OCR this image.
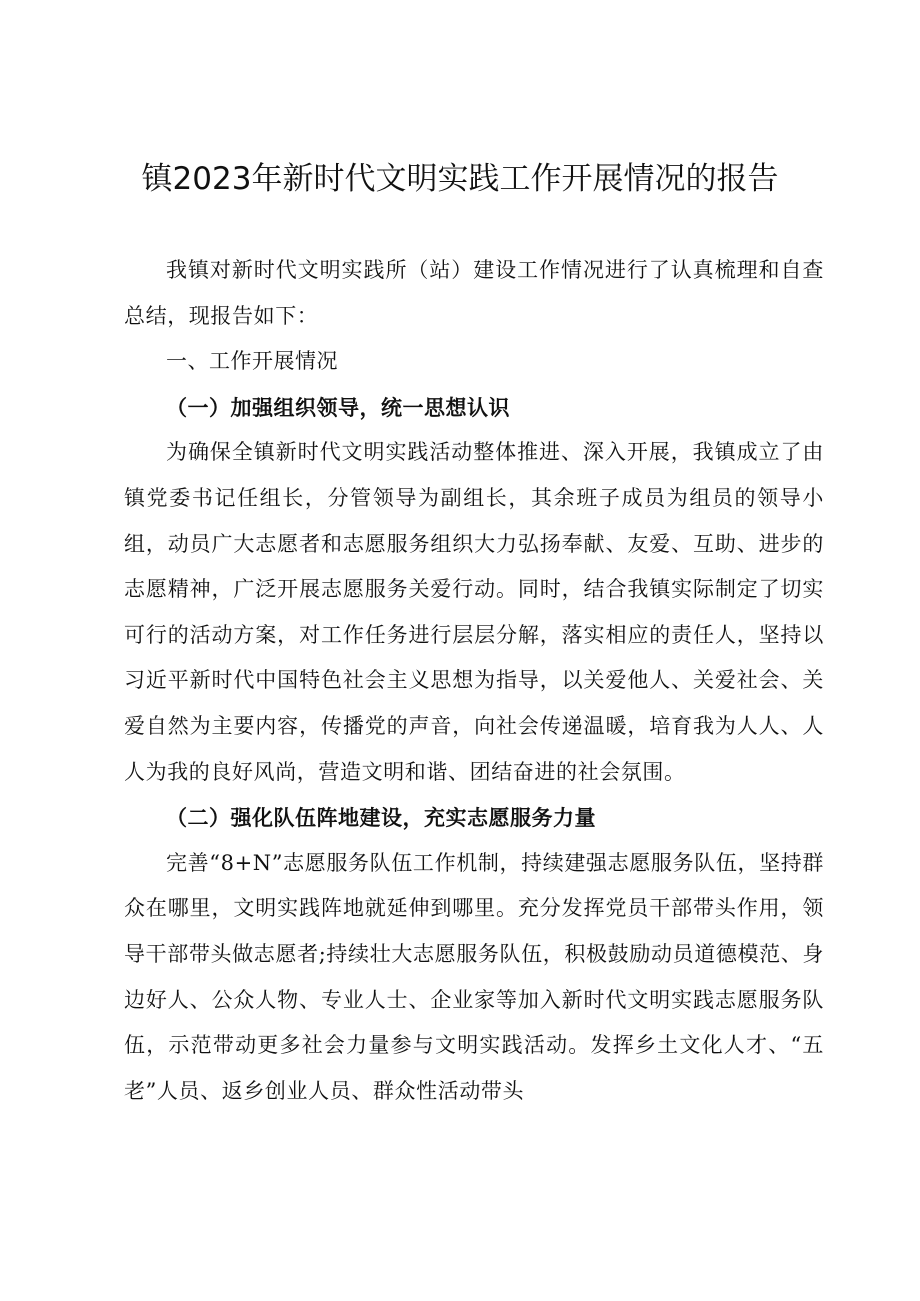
镇2023年新时代文明实践工作开展情况的报告

我镇对新时代文明实践所（站）建设工作情况进行了认真梳理和自查总结，现报告如下：

一、工作开展情况

（一）加强组织领导，统一思想认识

为确保全镇新时代文明实践活动整体推进、深入开展，我镇成立了由镇党委书记任组长，分管领导为副组长，其余班子成员为组员的领导小组，动员广大志愿者和志愿服务组织大力弘扬奉献、友爱、互助、进步的志愿精神，广泛开展志愿服务关爱行动。同时，结合我镇实际制定了切实可行的活动方案，对工作任务进行层层分解，落实相应的责任人，坚持以习近平新时代中国特色社会主义思想为指导，以关爱他人、关爱社会、关爱自然为主要内容，传播党的声音，向社会传递温暖，培育我为人人、人人为我的良好风尚，营造文明和谐、团结奋进的社会氛围。

（二）强化队伍阵地建设，充实志愿服务力量

完善“8+N”志愿服务队伍工作机制，持续建强志愿服务队伍，坚持群众在哪里，文明实践阵地就延伸到哪里。充分发挥党员干部带头作用，领导干部带头做志愿者;持续壮大志愿服务队伍，积极鼓励动员道德模范、身边好人、公众人物、专业人士、企业家等加入新时代文明实践志愿服务队伍，示范带动更多社会力量参与文明实践活动。发挥乡土文化人才、“五老”人员、返乡创业人员、群众性活动带头
